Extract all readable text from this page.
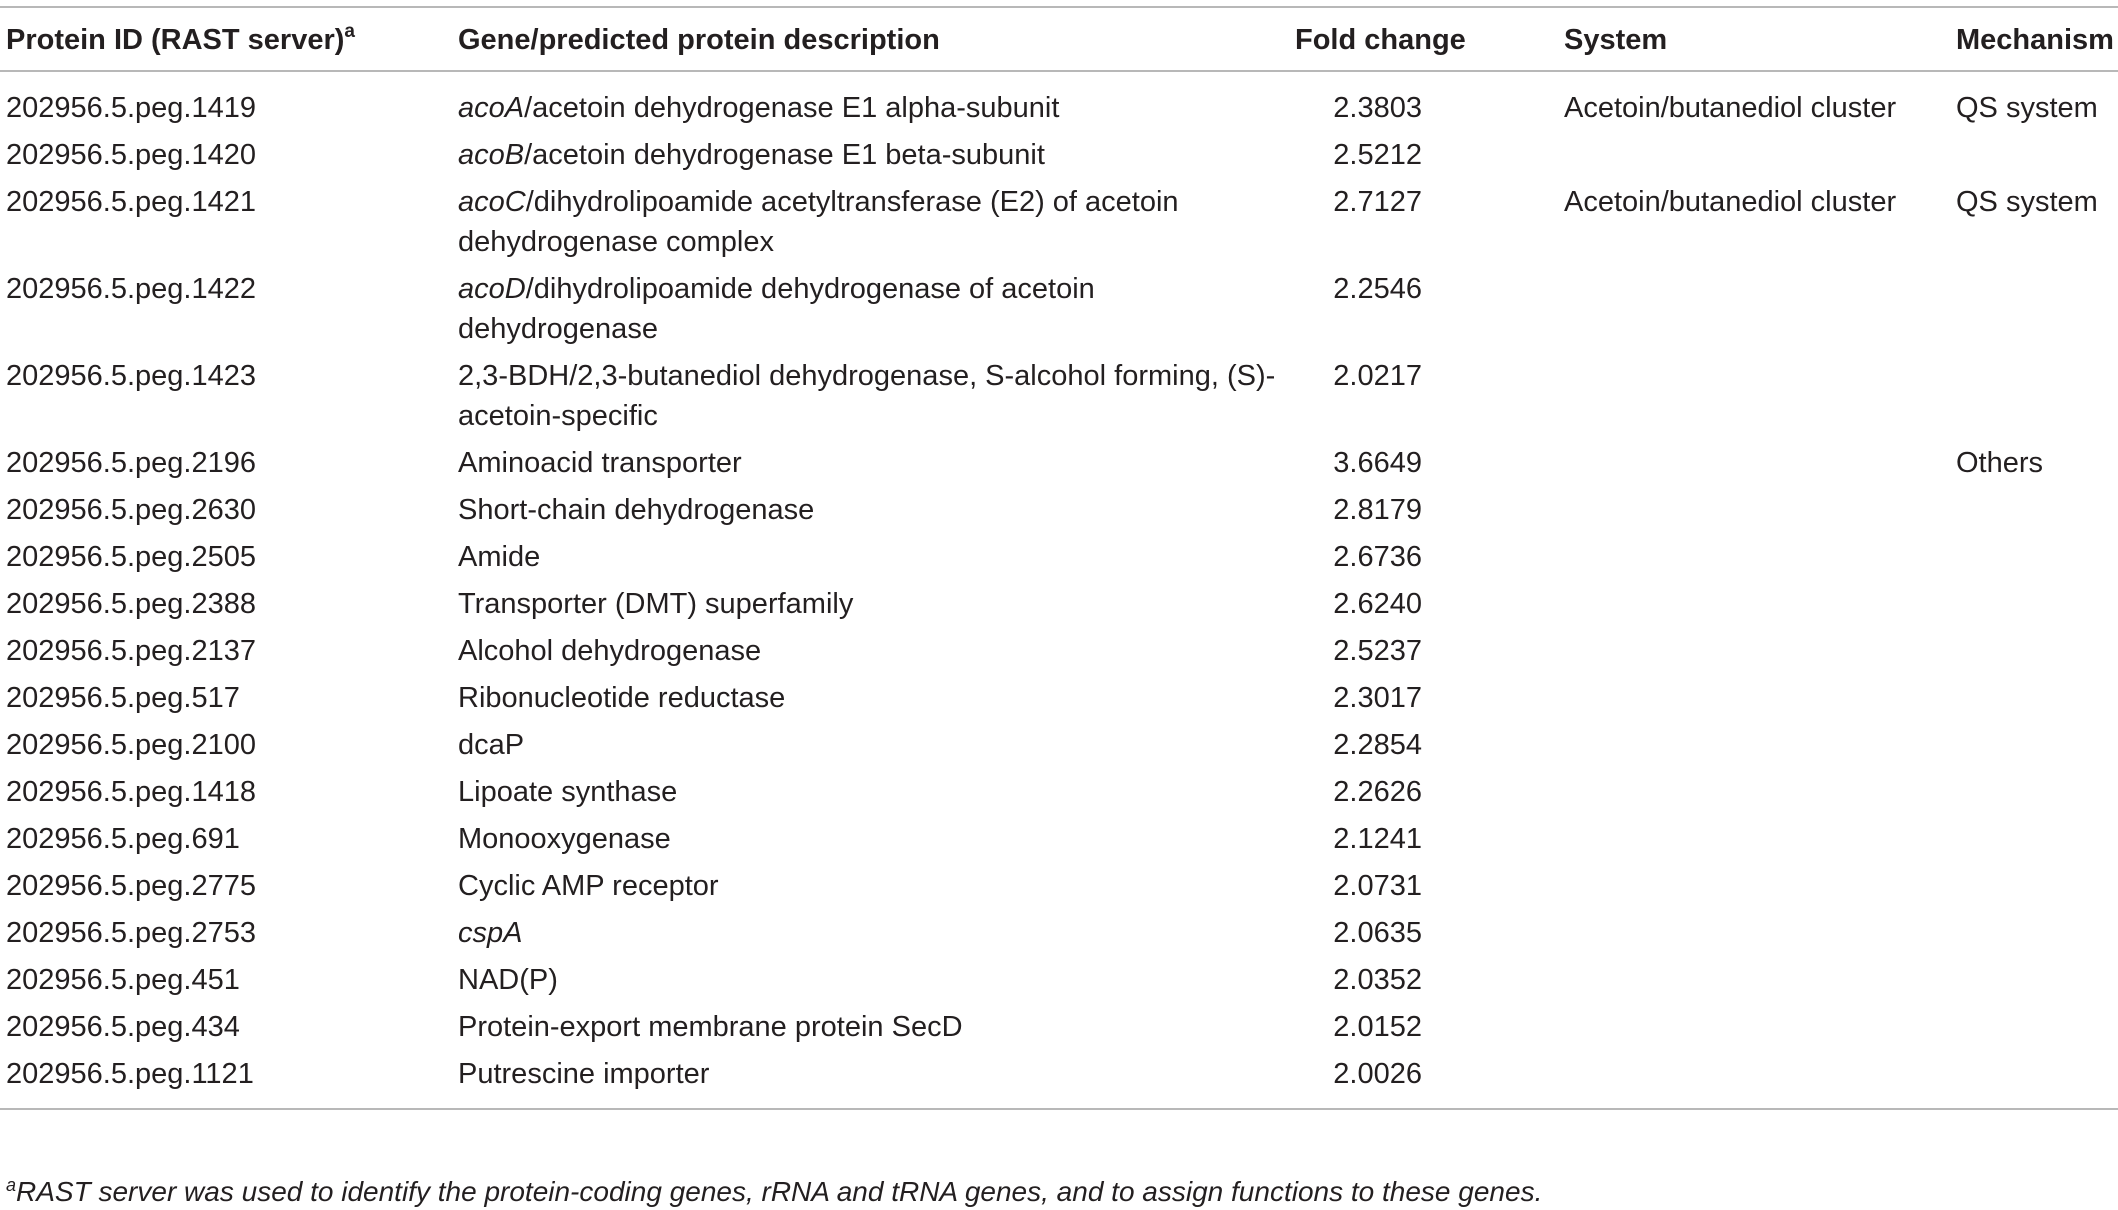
Protein ID (RAST server)$^a$	Gene/predicted protein description	Fold change	System	Mechanism
202956.5.peg.1419	acoA/acetoin dehydrogenase E1 alpha-subunit	2.3803	Acetoin/butanediol cluster	QS system
202956.5.peg.1420	acoB/acetoin dehydrogenase E1 beta-subunit	2.5212		
202956.5.peg.1421	acoC/dihydrolipoamide acetyltransferase (E2) of acetoin dehydrogenase complex	2.7127	Acetoin/butanediol cluster	QS system
202956.5.peg.1422	acoD/dihydrolipoamide dehydrogenase of acetoin dehydrogenase	2.2546		
202956.5.peg.1423	2,3-BDH/2,3-butanediol dehydrogenase, S-alcohol forming, (S)-acetoin-specific	2.0217		
202956.5.peg.2196	Aminoacid transporter	3.6649		Others
202956.5.peg.2630	Short-chain dehydrogenase	2.8179		
202956.5.peg.2505	Amide	2.6736		
202956.5.peg.2388	Transporter (DMT) superfamily	2.6240		
202956.5.peg.2137	Alcohol dehydrogenase	2.5237		
202956.5.peg.517	Ribonucleotide reductase	2.3017		
202956.5.peg.2100	dcaP	2.2854		
202956.5.peg.1418	Lipoate synthase	2.2626		
202956.5.peg.691	Monooxygenase	2.1241		
202956.5.peg.2775	Cyclic AMP receptor	2.0731		
202956.5.peg.2753	cspA	2.0635		
202956.5.peg.451	NAD(P)	2.0352		
202956.5.peg.434	Protein-export membrane protein SecD	2.0152		
202956.5.peg.1121	Putrescine importer	2.0026		
$^a$RAST server was used to identify the protein-coding genes, rRNA and tRNA genes, and to assign functions to these genes.
